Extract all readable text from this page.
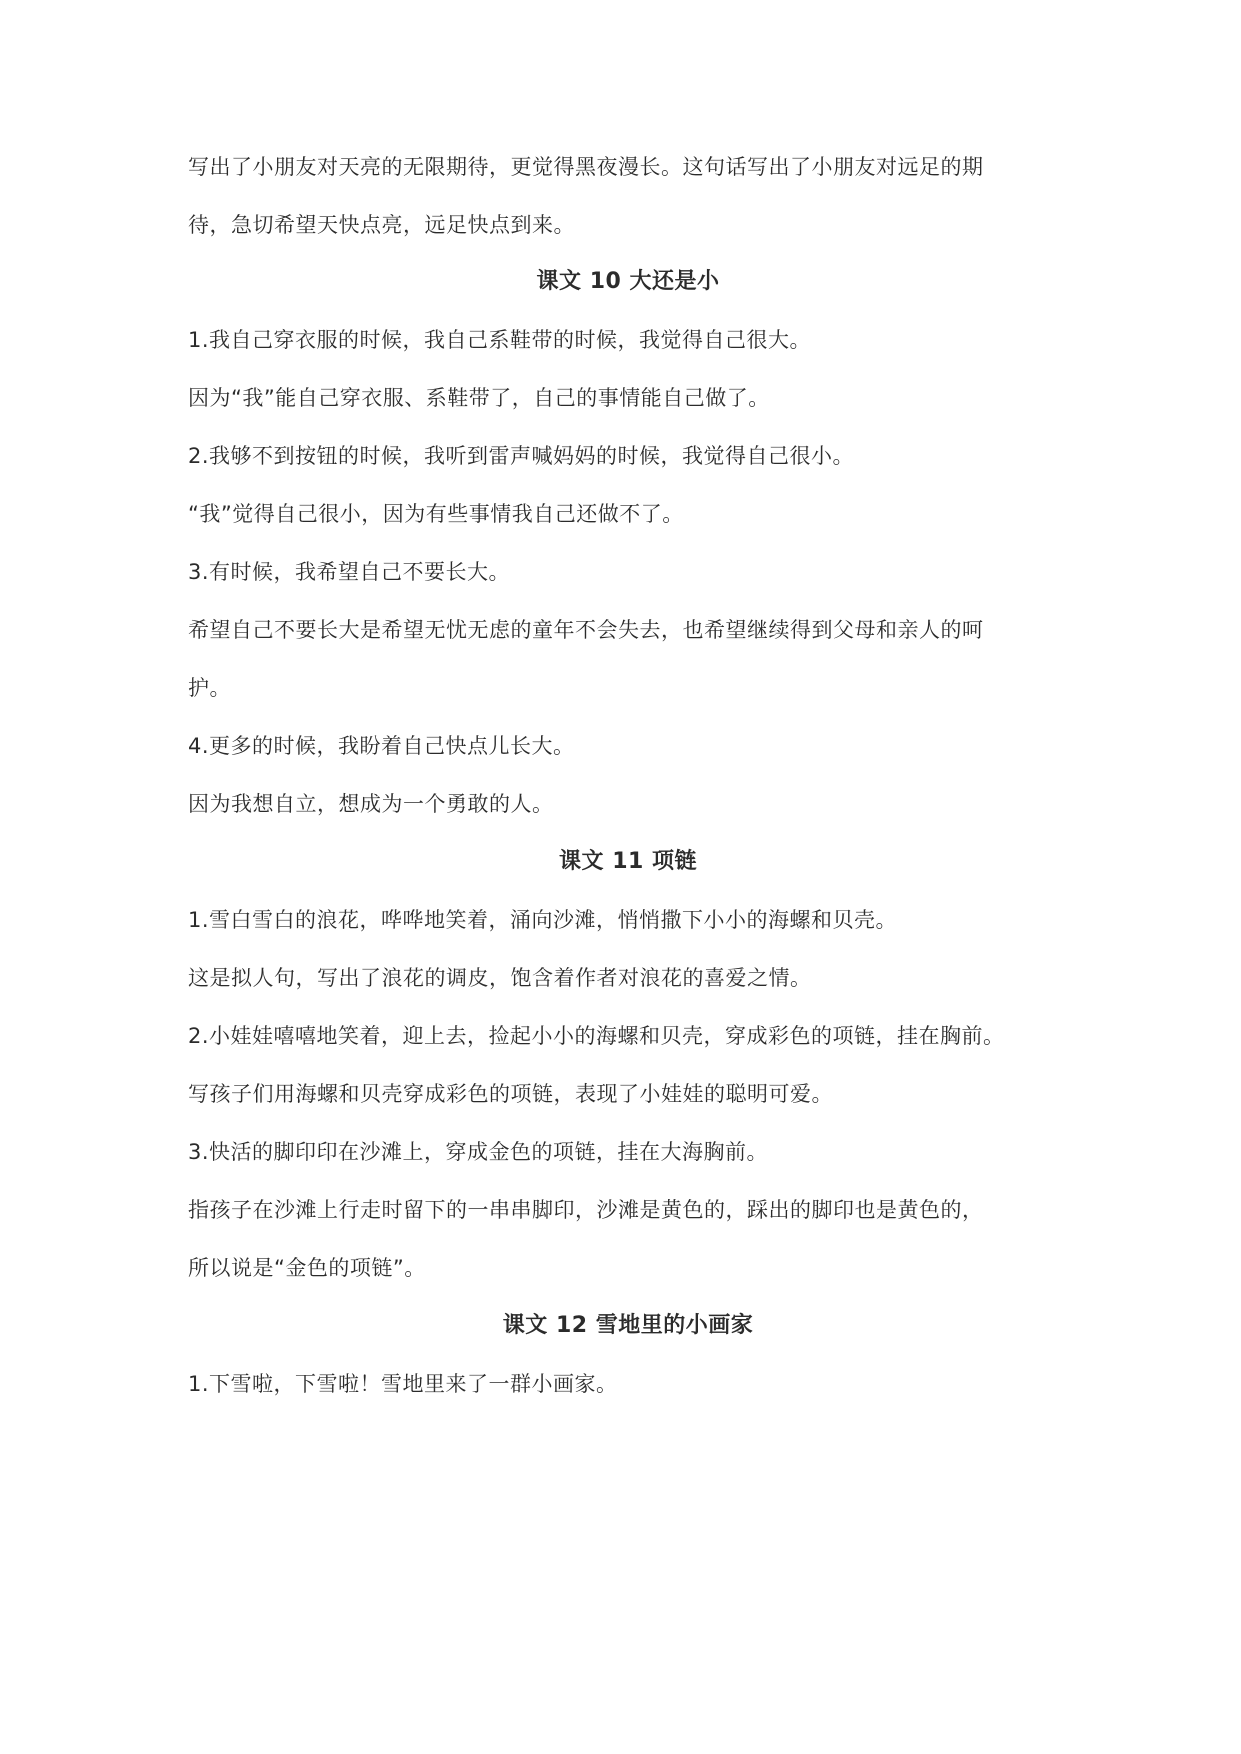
写出了小朋友对天亮的无限期待，更觉得黑夜漫长。这句话写出了小朋友对远足的期
待，急切希望天快点亮，远足快点到来。
课文 10 大还是小
1.我自己穿衣服的时候，我自己系鞋带的时候，我觉得自己很大。
因为“我”能自己穿衣服、系鞋带了，自己的事情能自己做了。
2.我够不到按钮的时候，我听到雷声喊妈妈的时候，我觉得自己很小。
“我”觉得自己很小，因为有些事情我自己还做不了。
3.有时候，我希望自己不要长大。
希望自己不要长大是希望无忧无虑的童年不会失去，也希望继续得到父母和亲人的呵
护。
4.更多的时候，我盼着自己快点儿长大。
因为我想自立，想成为一个勇敢的人。
课文 11 项链
1.雪白雪白的浪花，哗哗地笑着，涌向沙滩，悄悄撒下小小的海螺和贝壳。
这是拟人句，写出了浪花的调皮，饱含着作者对浪花的喜爱之情。
2.小娃娃嘻嘻地笑着，迎上去，捡起小小的海螺和贝壳，穿成彩色的项链，挂在胸前。
写孩子们用海螺和贝壳穿成彩色的项链，表现了小娃娃的聪明可爱。
3.快活的脚印印在沙滩上，穿成金色的项链，挂在大海胸前。
指孩子在沙滩上行走时留下的一串串脚印，沙滩是黄色的，踩出的脚印也是黄色的，
所以说是“金色的项链”。
课文 12 雪地里的小画家
1.下雪啦，下雪啦！雪地里来了一群小画家。
